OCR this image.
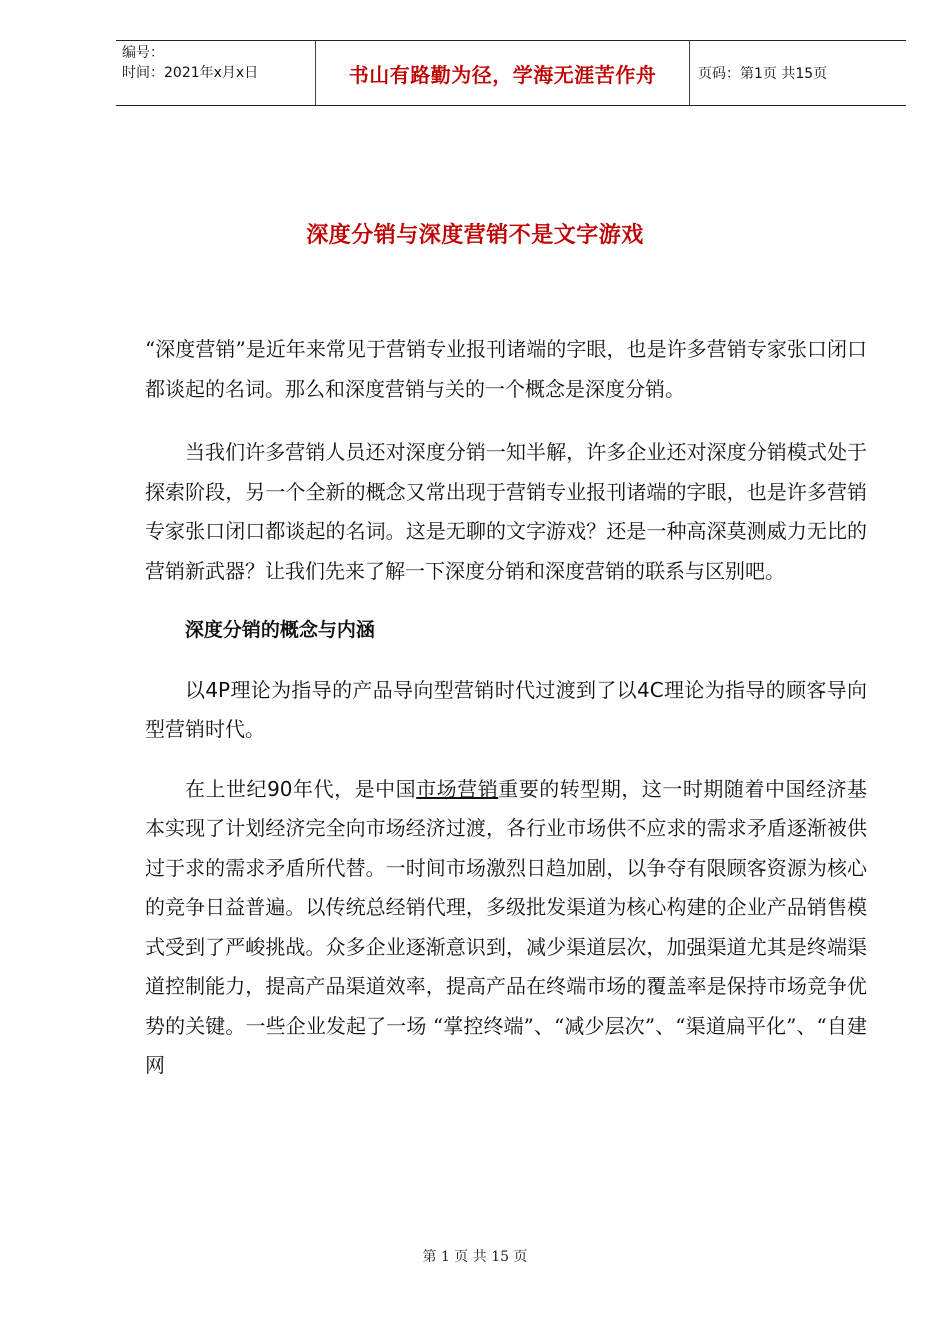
编号：
时间：2021年x月x日	书山有路勤为径，学海无涯苦作舟	页码：第1页 共15页
深度分销与深度营销不是文字游戏

“深度营销”是近年来常见于营销专业报刊诸端的字眼，也是许多营销专家张口闭口都谈起的名词。那么和深度营销与关的一个概念是深度分销。

当我们许多营销人员还对深度分销一知半解，许多企业还对深度分销模式处于探索阶段，另一个全新的概念又常出现于营销专业报刊诸端的字眼，也是许多营销专家张口闭口都谈起的名词。这是无聊的文字游戏？还是一种高深莫测威力无比的营销新武器？让我们先来了解一下深度分销和深度营销的联系与区别吧。

深度分销的概念与内涵

以4P理论为指导的产品导向型营销时代过渡到了以4C理论为指导的顾客导向型营销时代。

在上世纪90年代，是中国市场营销重要的转型期，这一时期随着中国经济基本实现了计划经济完全向市场经济过渡，各行业市场供不应求的需求矛盾逐渐被供过于求的需求矛盾所代替。一时间市场激烈日趋加剧，以争夺有限顾客资源为核心的竞争日益普遍。以传统总经销代理，多级批发渠道为核心构建的企业产品销售模式受到了严峻挑战。众多企业逐渐意识到，减少渠道层次，加强渠道尤其是终端渠道控制能力，提高产品渠道效率，提高产品在终端市场的覆盖率是保持市场竞争优势的关键。一些企业发起了一场 “掌控终端”、“减少层次”、“渠道扁平化”、“自建网

第 1 页 共 15 页
